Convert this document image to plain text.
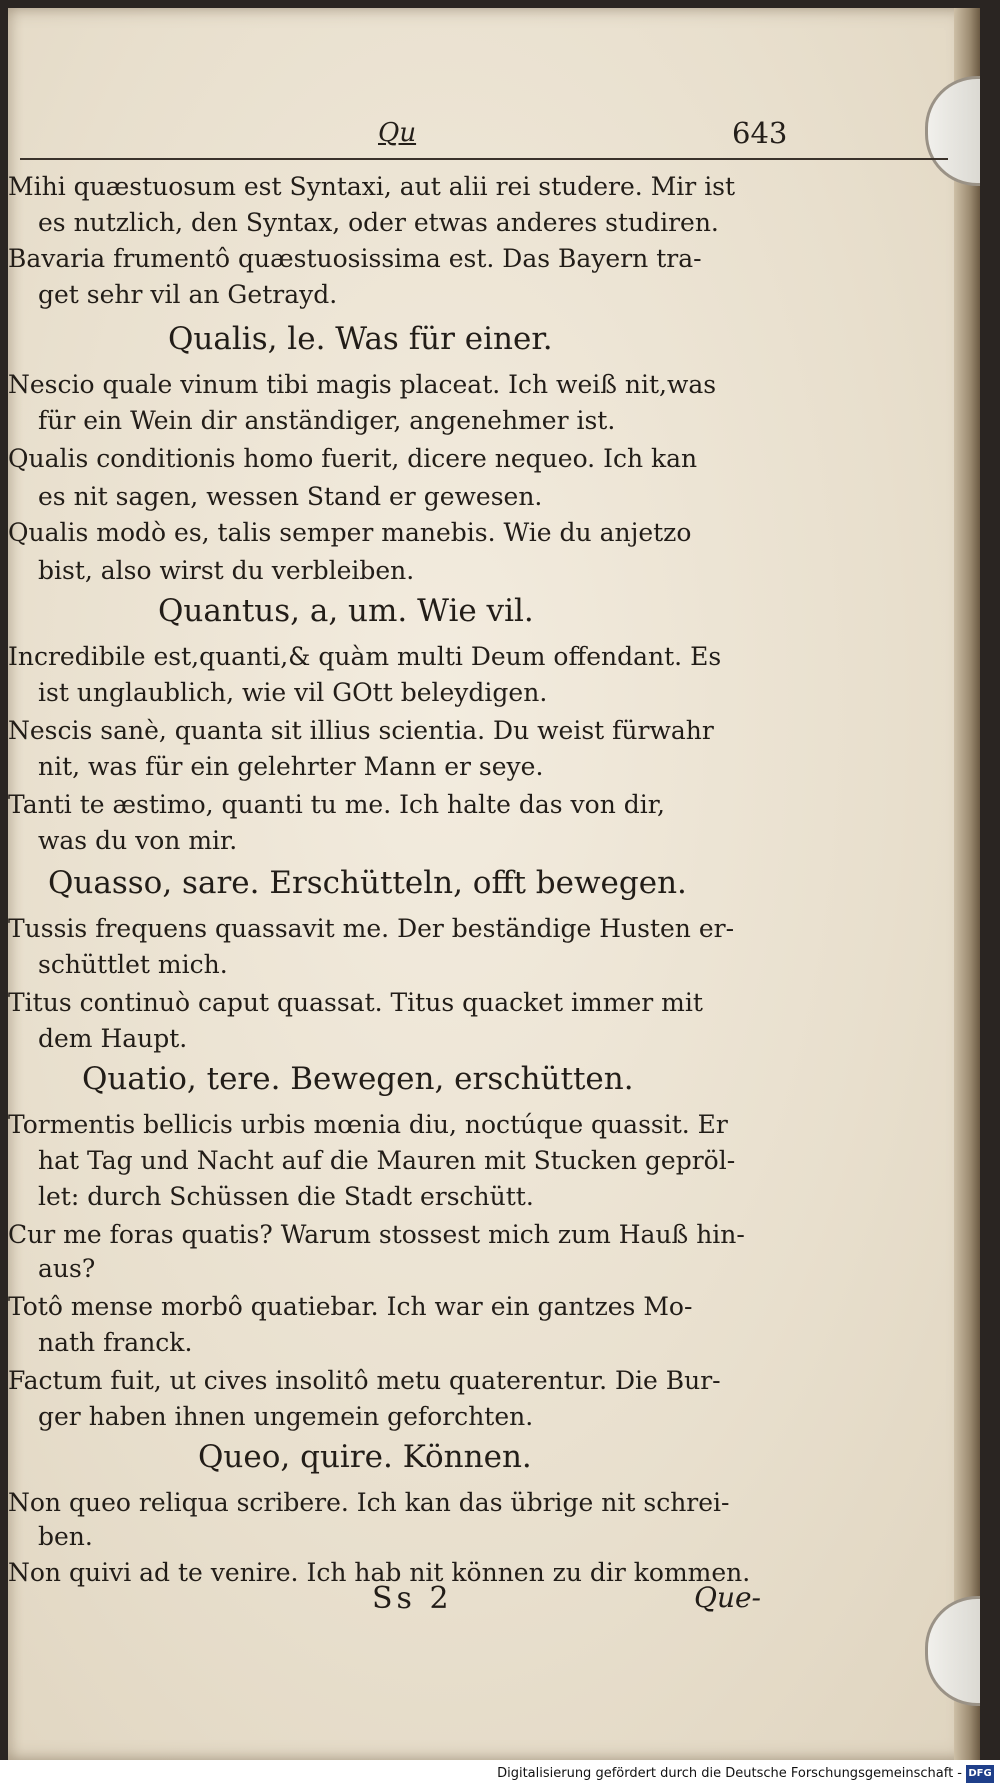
Qu	643
Mihi quæstuosum est Syntaxi, aut alii rei studere. Mir ist
es nutzlich, den Syntax, oder etwas anderes studiren.
Bavaria frumentô quæstuosissima est. Das Bayern tra-
get sehr vil an Getrayd.
Qualis, le. Was für einer.
Nescio quale vinum tibi magis placeat. Ich weiß nit,was
für ein Wein dir anständiger, angenehmer ist.
Qualis conditionis homo fuerit, dicere nequeo. Ich kan
es nit sagen, wessen Stand er gewesen.
Qualis modò es, talis semper manebis. Wie du anjetzo
bist, also wirst du verbleiben.
Quantus, a, um. Wie vil.
Incredibile est,quanti,& quàm multi Deum offendant. Es
ist unglaublich, wie vil GOtt beleydigen.
Nescis sanè, quanta sit illius scientia. Du weist fürwahr
nit, was für ein gelehrter Mann er seye.
Tanti te æstimo, quanti tu me. Ich halte das von dir,
was du von mir.
Quasso, sare. Erschütteln, offt bewegen.
Tussis frequens quassavit me. Der beständige Husten er-
schüttlet mich.
Titus continuò caput quassat. Titus quacket immer mit
dem Haupt.
Quatio, tere. Bewegen, erschütten.
Tormentis bellicis urbis mœnia diu, noctúque quassit. Er
hat Tag und Nacht auf die Mauren mit Stucken gepröl-
let: durch Schüssen die Stadt erschütt.
Cur me foras quatis? Warum stossest mich zum Hauß hin-
aus?
Totô mense morbô quatiebar. Ich war ein gantzes Mo-
nath franck.
Factum fuit, ut cives insolitô metu quaterentur. Die Bur-
ger haben ihnen ungemein geforchten.
Queo, quire. Können.
Non queo reliqua scribere. Ich kan das übrige nit schrei-
ben.
Non quivi ad te venire. Ich hab nit können zu dir kommen.
Ss 2	Que-
Digitalisierung gefördert durch die Deutsche Forschungsgemeinschaft - DFG
